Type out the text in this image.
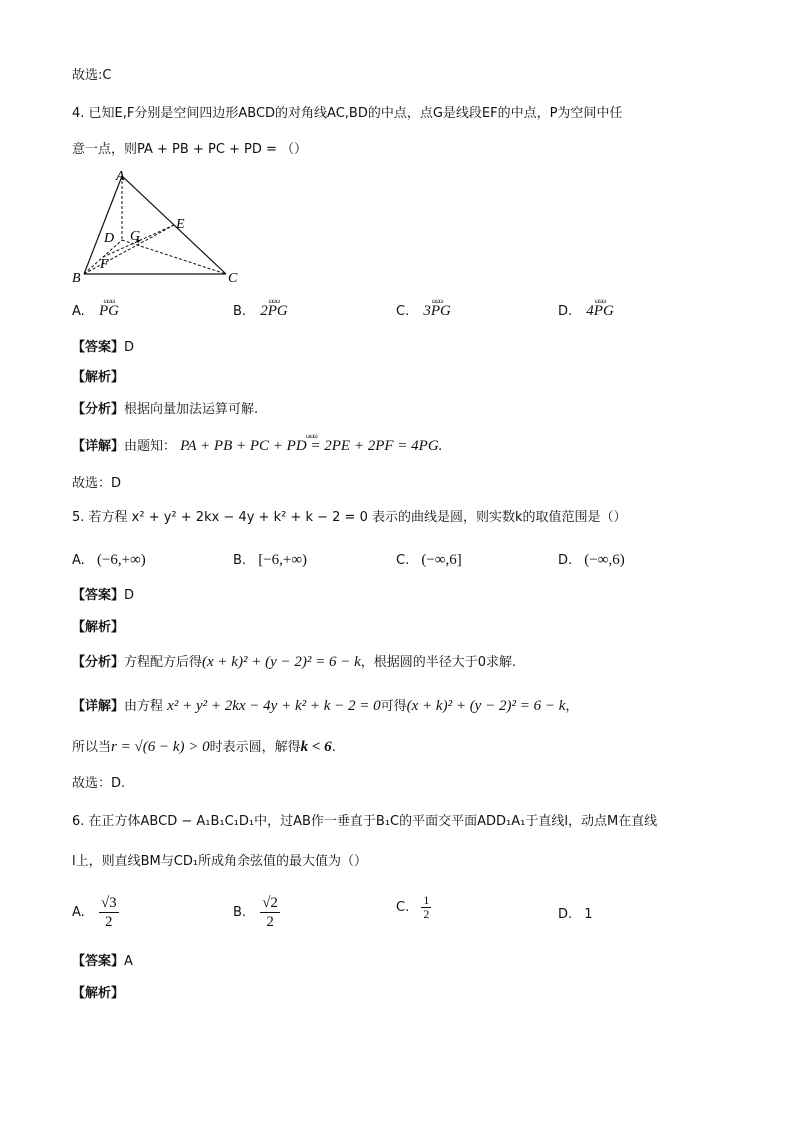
故选:C
4. 已知E,F分别是空间四边形ABCD的对角线AC,BD的中点，点G是线段EF的中点，P为空间中任
意一点，则PA + PB + PC + PD = （）
A
B	C
D
E
F
G
A. ωωω PG	B. ωωω 2PG	C. ωωω 3PG	D. ωωω 4PG
【答案】D
【解析】
【分析】根据向量加法运算可解.
【详解】由题知： ωωω PA + PB + PC + PD = 2PE + 2PF = 4PG.
故选：D
5. 若方程 x² + y² + 2kx − 4y + k² + k − 2 = 0 表示的曲线是圆，则实数k的取值范围是（）
A. (−6,+∞)	B. [−6,+∞)	C. (−∞,6]	D. (−∞,6)
【答案】D
【解析】
【分析】方程配方后得(x + k)² + (y − 2)² = 6 − k，根据圆的半径大于0求解.
【详解】由方程 x² + y² + 2kx − 4y + k² + k − 2 = 0可得(x + k)² + (y − 2)² = 6 − k，
所以当r = √(6 − k) > 0时表示圆，解得k < 6.
故选：D.
6. 在正方体ABCD − A₁B₁C₁D₁中，过AB作一垂直于B₁C的平面交平面ADD₁A₁于直线l，动点M在直线
l上，则直线BM与CD₁所成角余弦值的最大值为（）
A. $\frac{√3}{2}$	B. $\frac{√2}{2}$	C. $\frac{1}{2}$	D. 1
【答案】A
【解析】
